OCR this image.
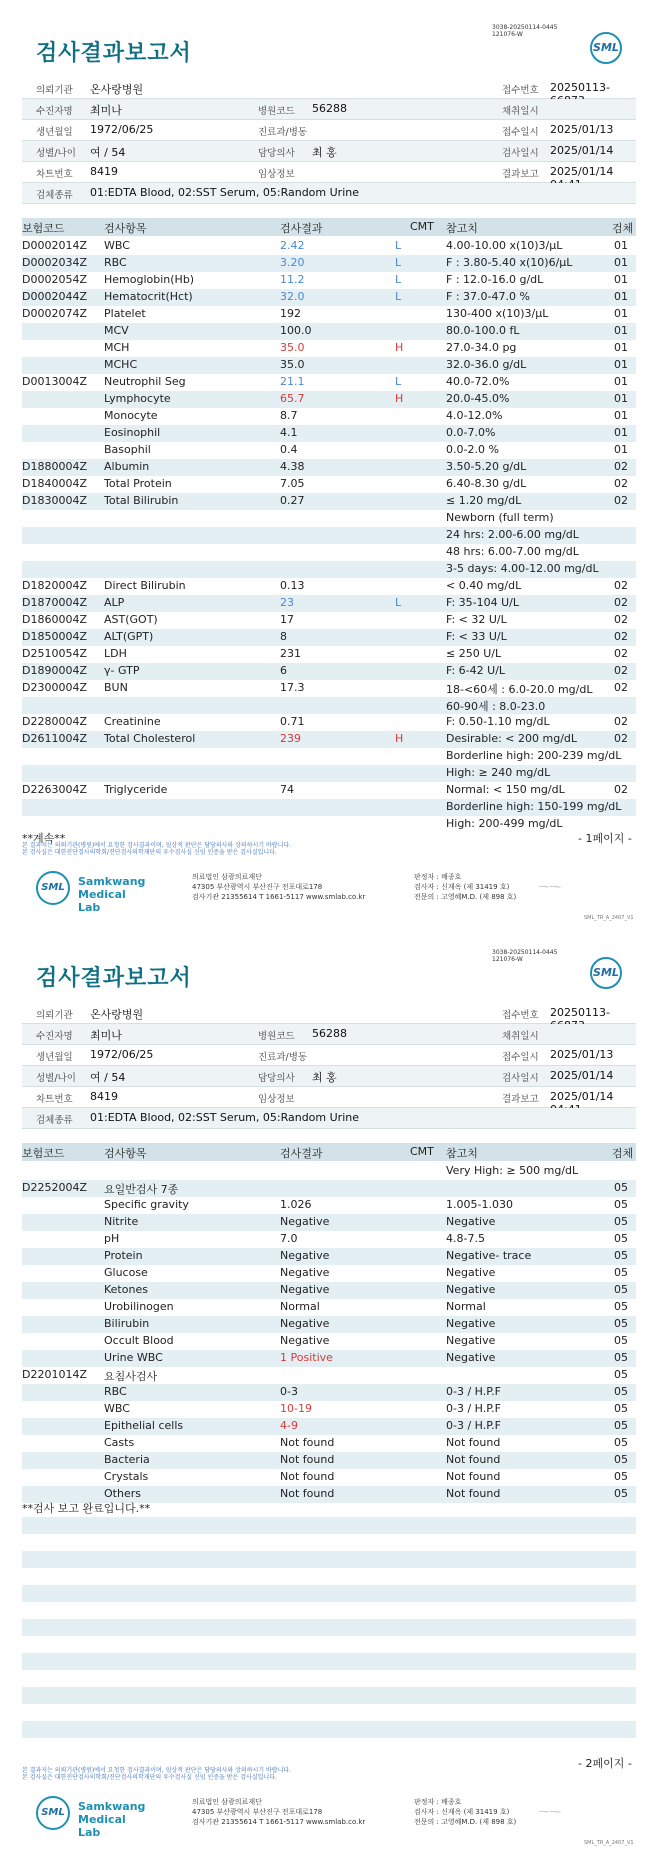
3038-20250114-0445
121076-W
검사결과보고서	SML
의뢰기관 온사랑병원	접수번호 20250113-
수진자명 최미나	병원코드 56288	채취일시
생년월일 1972/06/25	진료과/병동	접수일시 2025/01/13
성별/나이 여 / 54	담당의사 최 홍	검사일시 2025/01/14
차트번호 8419	임상정보	결과보고 2025/01/14
검체종류 01:EDTA Blood, 02:SST Serum, 05:Random Urine
보험코드	검사항목	검사결과	CMT 참고치	검체
D0002014Z WBC	2.42	L	4.00-10.00 x(10)3/μL	01
D0002034Z RBC	3.20	L	F : 3.80-5.40 x(10)6/μL	01
D0002054Z Hemoglobin(Hb)	11.2	L	F : 12.0-16.0 g/dL	01
D0002044Z Hematocrit(Hct)	32.0	L	F : 37.0-47.0 %	01
D0002074Z Platelet	192	130-400 x(10)3/μL	01
MCV	100.0	80.0-100.0 fL	01
MCH	35.0	H	27.0-34.0 pg	01
MCHC	35.0	32.0-36.0 g/dL	01
D0013004Z Neutrophil Seg	21.1	L	40.0-72.0%	01
Lymphocyte	65.7	H	20.0-45.0%	01
Monocyte	8.7	4.0-12.0%	01
Eosinophil	4.1	0.0-7.0%	01
Basophil	0.4	0.0-2.0 %	01
D1880004Z Albumin	4.38	3.50-5.20 g/dL	02
D1840004Z Total Protein	7.05	6.40-8.30 g/dL	02
D1830004Z Total Bilirubin	0.27	≤ 1.20 mg/dL	02
Newborn (full term)
24 hrs: 2.00-6.00 mg/dL
48 hrs: 6.00-7.00 mg/dL
3-5 days: 4.00-12.00 mg/dL
D1820004Z Direct Bilirubin	0.13	< 0.40 mg/dL	02
D1870004Z ALP	23	L	F: 35-104 U/L	02
D1860004Z AST(GOT)	17	F: < 32 U/L	02
D1850004Z ALT(GPT)	8	F: < 33 U/L	02
D2510054Z LDH	231	≤ 250 U/L	02
D1890004Z γ- GTP	6	F: 6-42 U/L	02
D2300004Z BUN	17.3	18-<60세 : 6.0-20.0 mg/dL 02
60-90세 : 8.0-23.0
D2280004Z Creatinine	0.71	F: 0.50-1.10 mg/dL	02
D2611004Z Total Cholesterol	239	H	Desirable: < 200 mg/dL	02
Borderline high: 200-239 mg/dL
High: ≥ 240 mg/dL
D2263004Z Triglyceride	74	Normal: < 150 mg/dL	02
Borderline high: 150-199 mg/dL
High: 200-499 mg/dL
**계속**	- 1페이지 -
본 결과지는 의뢰기관(병원)에서 요청한 검사결과이며, 임상적 판단은 담당의사와 상의하시기 바랍니다.
본 검사실은 대한진단검사의학회/진단검사의학재단의 우수검사실 신임 인증을 받은 검사실입니다.
SML	Samkwang
Medical Lab
의료법인 삼광의료재단
47305 부산광역시 부산진구 전포대로178
검사기관 21355614 T 1661-5117 www.smlab.co.kr
판정자 : 배종호
검사자 : 신재옥 (제 31419 호)
전문의 : 고영혜M.D. (제 898 호)
ㅡ·ㅡ··
SML_TR_A_2407_V1
3038-20250114-0445
121076-W
검사결과보고서	SML
의뢰기관 온사랑병원	접수번호 20250113-
수진자명 최미나	병원코드 56288	채취일시
생년월일 1972/06/25	진료과/병동	접수일시 2025/01/13
성별/나이 여 / 54	담당의사 최 홍	검사일시 2025/01/14
차트번호 8419	임상정보	결과보고 2025/01/14
검체종류 01:EDTA Blood, 02:SST Serum, 05:Random Urine
보험코드	검사항목	검사결과	CMT 참고치	검체
Very High: ≥ 500 mg/dL
D2252004Z 요일반검사 7종	05
Specific gravity	1.026	1.005-1.030	05
Nitrite	Negative	Negative	05
pH	7.0	4.8-7.5	05
Protein	Negative	Negative- trace	05
Glucose	Negative	Negative	05
Ketones	Negative	Negative	05
Urobilinogen	Normal	Normal	05
Bilirubin	Negative	Negative	05
Occult Blood	Negative	Negative	05
Urine WBC	1 Positive	Negative	05
D2201014Z 요침사검사	05
RBC	0-3	0-3 / H.P.F	05
WBC	10-19	0-3 / H.P.F	05
Epithelial cells	4-9	0-3 / H.P.F	05
Casts	Not found	Not found	05
Bacteria	Not found	Not found	05
Crystals	Not found	Not found	05
Others	Not found	Not found	05
**검사 보고 완료입니다.**
- 2페이지 -
본 결과지는 의뢰기관(병원)에서 요청한 검사결과이며, 임상적 판단은 담당의사와 상의하시기 바랍니다.
본 검사실은 대한진단검사의학회/진단검사의학재단의 우수검사실 신임 인증을 받은 검사실입니다.
SML	Samkwang
Medical Lab
의료법인 삼광의료재단
47305 부산광역시 부산진구 전포대로178
검사기관 21355614 T 1661-5117 www.smlab.co.kr
판정자 : 배종호
검사자 : 신재옥 (제 31419 호)
전문의 : 고영혜M.D. (제 898 호)
ㅡ·ㅡ··
SML_TR_A_2407_V1
